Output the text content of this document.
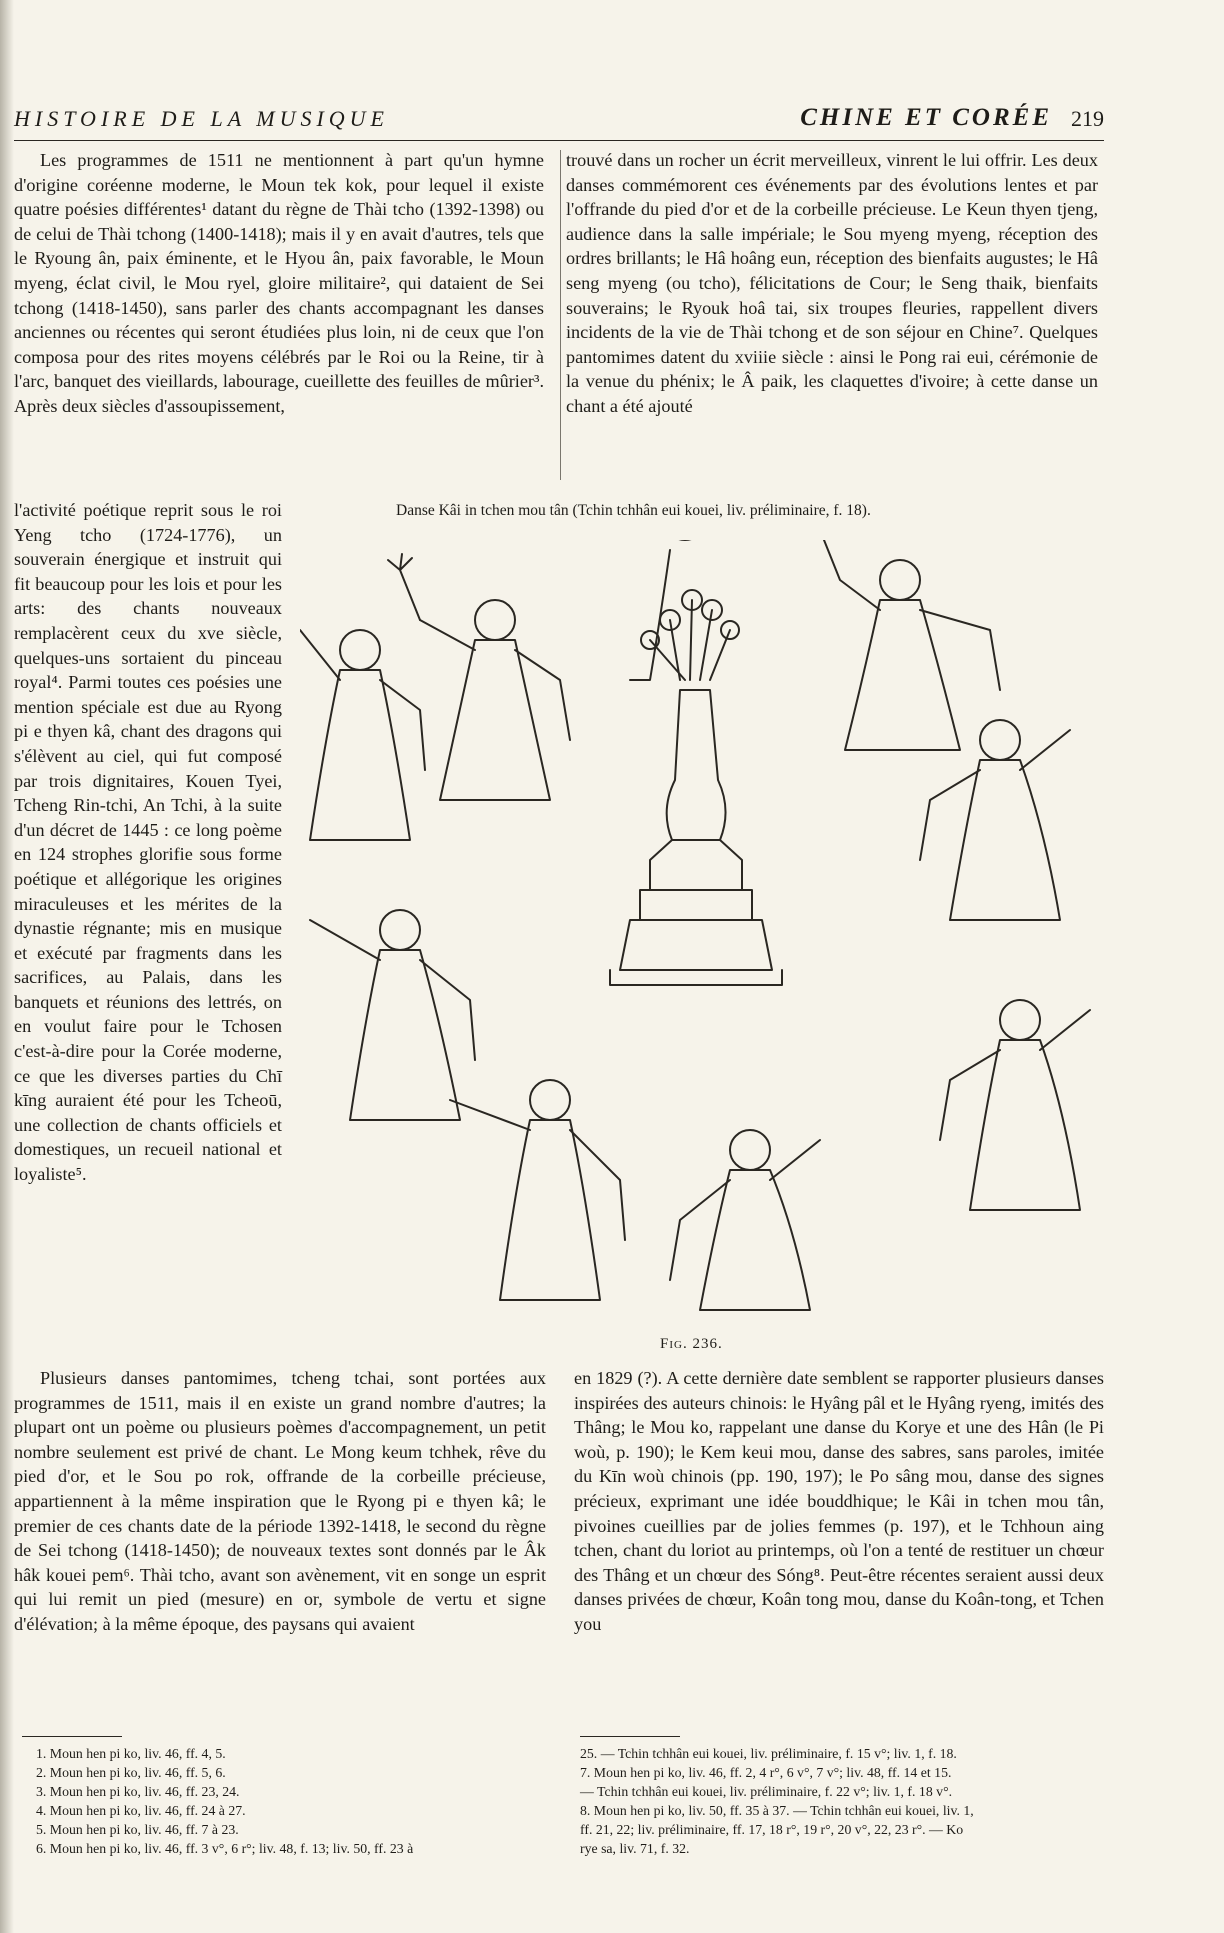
HISTOIRE DE LA MUSIQUE	CHINE ET CORÉE 219

Les programmes de 1511 ne mentionnent à part qu'un hymne d'origine coréenne moderne, le Moun tek kok, pour lequel il existe quatre poésies différentes¹ datant du règne de Thài tcho (1392-1398) ou de celui de Thài tchong (1400-1418); mais il y en avait d'autres, tels que le Ryoung ân, paix éminente, et le Hyou ân, paix favorable, le Moun myeng, éclat civil, le Mou ryel, gloire militaire², qui dataient de Sei tchong (1418-1450), sans parler des chants accompagnant les danses anciennes ou récentes qui seront étudiées plus loin, ni de ceux que l'on composa pour des rites moyens célébrés par le Roi ou la Reine, tir à l'arc, banquet des vieillards, labourage, cueillette des feuilles de mûrier³. Après deux siècles d'assoupissement,

trouvé dans un rocher un écrit merveilleux, vinrent le lui offrir. Les deux danses commémorent ces événements par des évolutions lentes et par l'offrande du pied d'or et de la corbeille précieuse. Le Keun thyen tjeng, audience dans la salle impériale; le Sou myeng myeng, réception des ordres brillants; le Hâ hoâng eun, réception des bienfaits augustes; le Hâ seng myeng (ou tcho), félicitations de Cour; le Seng thaik, bienfaits souverains; le Ryouk hoâ tai, six troupes fleuries, rappellent divers incidents de la vie de Thài tchong et de son séjour en Chine⁷. Quelques pantomimes datent du xviiie siècle : ainsi le Pong rai eui, cérémonie de la venue du phénix; le Â paik, les claquettes d'ivoire; à cette danse un chant a été ajouté

Danse Kâi in tchen mou tân (Tchin tchhân eui kouei, liv. préliminaire, f. 18).

l'activité poétique reprit sous le roi Yeng tcho (1724-1776), un souverain énergique et instruit qui fit beaucoup pour les lois et pour les arts: des chants nouveaux remplacèrent ceux du xve siècle, quelques-uns sortaient du pinceau royal⁴. Parmi toutes ces poésies une mention spéciale est due au Ryong pi e thyen kâ, chant des dragons qui s'élèvent au ciel, qui fut composé par trois dignitaires, Kouen Tyei, Tcheng Rin-tchi, An Tchi, à la suite d'un décret de 1445 : ce long poème en 124 strophes glorifie sous forme poétique et allégorique les origines miraculeuses et les mérites de la dynastie régnante; mis en musique et exécuté par fragments dans les sacrifices, au Palais, dans les banquets et réunions des lettrés, on en voulut faire pour le Tchosen c'est-à-dire pour la Corée moderne, ce que les diverses parties du Chī kīng auraient été pour les Tcheoū, une collection de chants officiels et domestiques, un recueil national et loyaliste⁵.

Fig. 236.

Plusieurs danses pantomimes, tcheng tchai, sont portées aux programmes de 1511, mais il en existe un grand nombre d'autres; la plupart ont un poème ou plusieurs poèmes d'accompagnement, un petit nombre seulement est privé de chant. Le Mong keum tchhek, rêve du pied d'or, et le Sou po rok, offrande de la corbeille précieuse, appartiennent à la même inspiration que le Ryong pi e thyen kâ; le premier de ces chants date de la période 1392-1418, le second du règne de Sei tchong (1418-1450); de nouveaux textes sont donnés par le Âk hâk kouei pem⁶. Thài tcho, avant son avènement, vit en songe un esprit qui lui remit un pied (mesure) en or, symbole de vertu et signe d'élévation; à la même époque, des paysans qui avaient

en 1829 (?). A cette dernière date semblent se rapporter plusieurs danses inspirées des auteurs chinois: le Hyâng pâl et le Hyâng ryeng, imités des Thâng; le Mou ko, rappelant une danse du Korye et une des Hân (le Pi woù, p. 190); le Kem keui mou, danse des sabres, sans paroles, imitée du Kīn woù chinois (pp. 190, 197); le Po sâng mou, danse des signes précieux, exprimant une idée bouddhique; le Kâi in tchen mou tân, pivoines cueillies par de jolies femmes (p. 197), et le Tchhoun aing tchen, chant du loriot au printemps, où l'on a tenté de restituer un chœur des Thâng et un chœur des Sóng⁸. Peut-être récentes seraient aussi deux danses privées de chœur, Koân tong mou, danse du Koân-tong, et Tchen you

1. Moun hen pi ko, liv. 46, ff. 4, 5.
2. Moun hen pi ko, liv. 46, ff. 5, 6.
3. Moun hen pi ko, liv. 46, ff. 23, 24.
4. Moun hen pi ko, liv. 46, ff. 24 à 27.
5. Moun hen pi ko, liv. 46, ff. 7 à 23.
6. Moun hen pi ko, liv. 46, ff. 3 v°, 6 r°; liv. 48, f. 13; liv. 50, ff. 23 à
25. — Tchin tchhân eui kouei, liv. préliminaire, f. 15 v°; liv. 1, f. 18.
7. Moun hen pi ko, liv. 46, ff. 2, 4 r°, 6 v°, 7 v°; liv. 48, ff. 14 et 15.
— Tchin tchhân eui kouei, liv. préliminaire, f. 22 v°; liv. 1, f. 18 v°.
8. Moun hen pi ko, liv. 50, ff. 35 à 37. — Tchin tchhân eui kouei, liv. 1,
ff. 21, 22; liv. préliminaire, ff. 17, 18 r°, 19 r°, 20 v°, 22, 23 r°. — Ko
rye sa, liv. 71, f. 32.
